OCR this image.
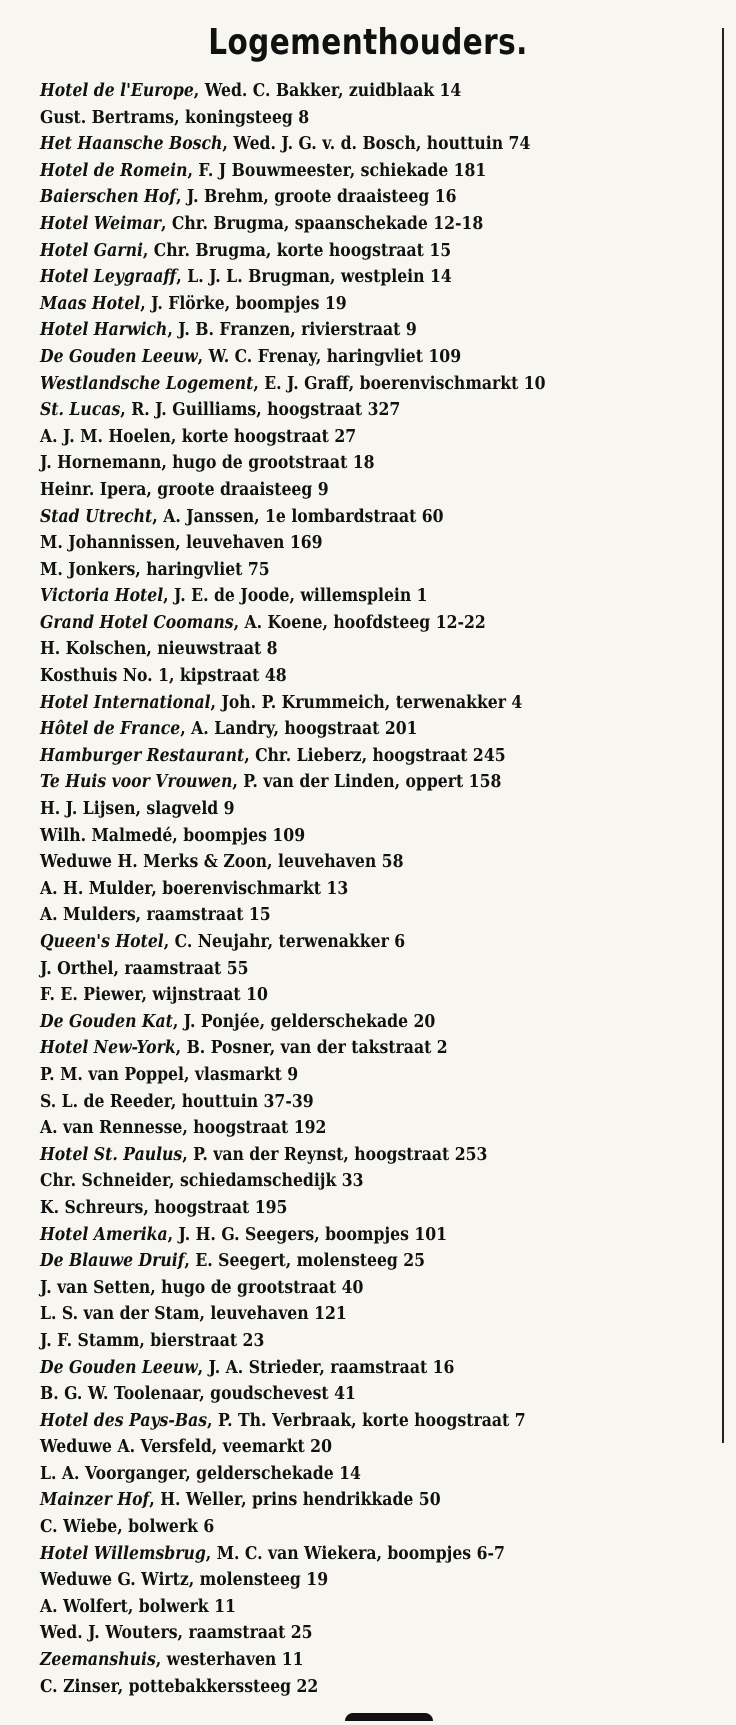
Logementhouders.
Hotel de l'Europe, Wed. C. Bakker, zuidblaak 14
Gust. Bertrams, koningsteeg 8
Het Haansche Bosch, Wed. J. G. v. d. Bosch, houttuin 74
Hotel de Romein, F. J Bouwmeester, schiekade 181
Baierschen Hof, J. Brehm, groote draaisteeg 16
Hotel Weimar, Chr. Brugma, spaanschekade 12-18
Hotel Garni, Chr. Brugma, korte hoogstraat 15
Hotel Leygraaff, L. J. L. Brugman, westplein 14
Maas Hotel, J. Flörke, boompjes 19
Hotel Harwich, J. B. Franzen, rivierstraat 9
De Gouden Leeuw, W. C. Frenay, haringvliet 109
Westlandsche Logement, E. J. Graff, boerenvischmarkt 10
St. Lucas, R. J. Guilliams, hoogstraat 327
A. J. M. Hoelen, korte hoogstraat 27
J. Hornemann, hugo de grootstraat 18
Heinr. Ipera, groote draaisteeg 9
Stad Utrecht, A. Janssen, 1e lombardstraat 60
M. Johannissen, leuvehaven 169
M. Jonkers, haringvliet 75
Victoria Hotel, J. E. de Joode, willemsplein 1
Grand Hotel Coomans, A. Koene, hoofdsteeg 12-22
H. Kolschen, nieuwstraat 8
Kosthuis No. 1, kipstraat 48
Hotel International, Joh. P. Krummeich, terwenakker 4
Hôtel de France, A. Landry, hoogstraat 201
Hamburger Restaurant, Chr. Lieberz, hoogstraat 245
Te Huis voor Vrouwen, P. van der Linden, oppert 158
H. J. Lijsen, slagveld 9
Wilh. Malmedé, boompjes 109
Weduwe H. Merks & Zoon, leuvehaven 58
A. H. Mulder, boerenvischmarkt 13
A. Mulders, raamstraat 15
Queen's Hotel, C. Neujahr, terwenakker 6
J. Orthel, raamstraat 55
F. E. Piewer, wijnstraat 10
De Gouden Kat, J. Ponjée, gelderschekade 20
Hotel New-York, B. Posner, van der takstraat 2
P. M. van Poppel, vlasmarkt 9
S. L. de Reeder, houttuin 37-39
A. van Rennesse, hoogstraat 192
Hotel St. Paulus, P. van der Reynst, hoogstraat 253
Chr. Schneider, schiedamschedijk 33
K. Schreurs, hoogstraat 195
Hotel Amerika, J. H. G. Seegers, boompjes 101
De Blauwe Druif, E. Seegert, molensteeg 25
J. van Setten, hugo de grootstraat 40
L. S. van der Stam, leuvehaven 121
J. F. Stamm, bierstraat 23
De Gouden Leeuw, J. A. Strieder, raamstraat 16
B. G. W. Toolenaar, goudschevest 41
Hotel des Pays-Bas, P. Th. Verbraak, korte hoogstraat 7
Weduwe A. Versfeld, veemarkt 20
L. A. Voorganger, gelderschekade 14
Mainzer Hof, H. Weller, prins hendrikkade 50
C. Wiebe, bolwerk 6
Hotel Willemsbrug, M. C. van Wiekera, boompjes 6-7
Weduwe G. Wirtz, molensteeg 19
A. Wolfert, bolwerk 11
Wed. J. Wouters, raamstraat 25
Zeemanshuis, westerhaven 11
C. Zinser, pottebakkerssteeg 22
